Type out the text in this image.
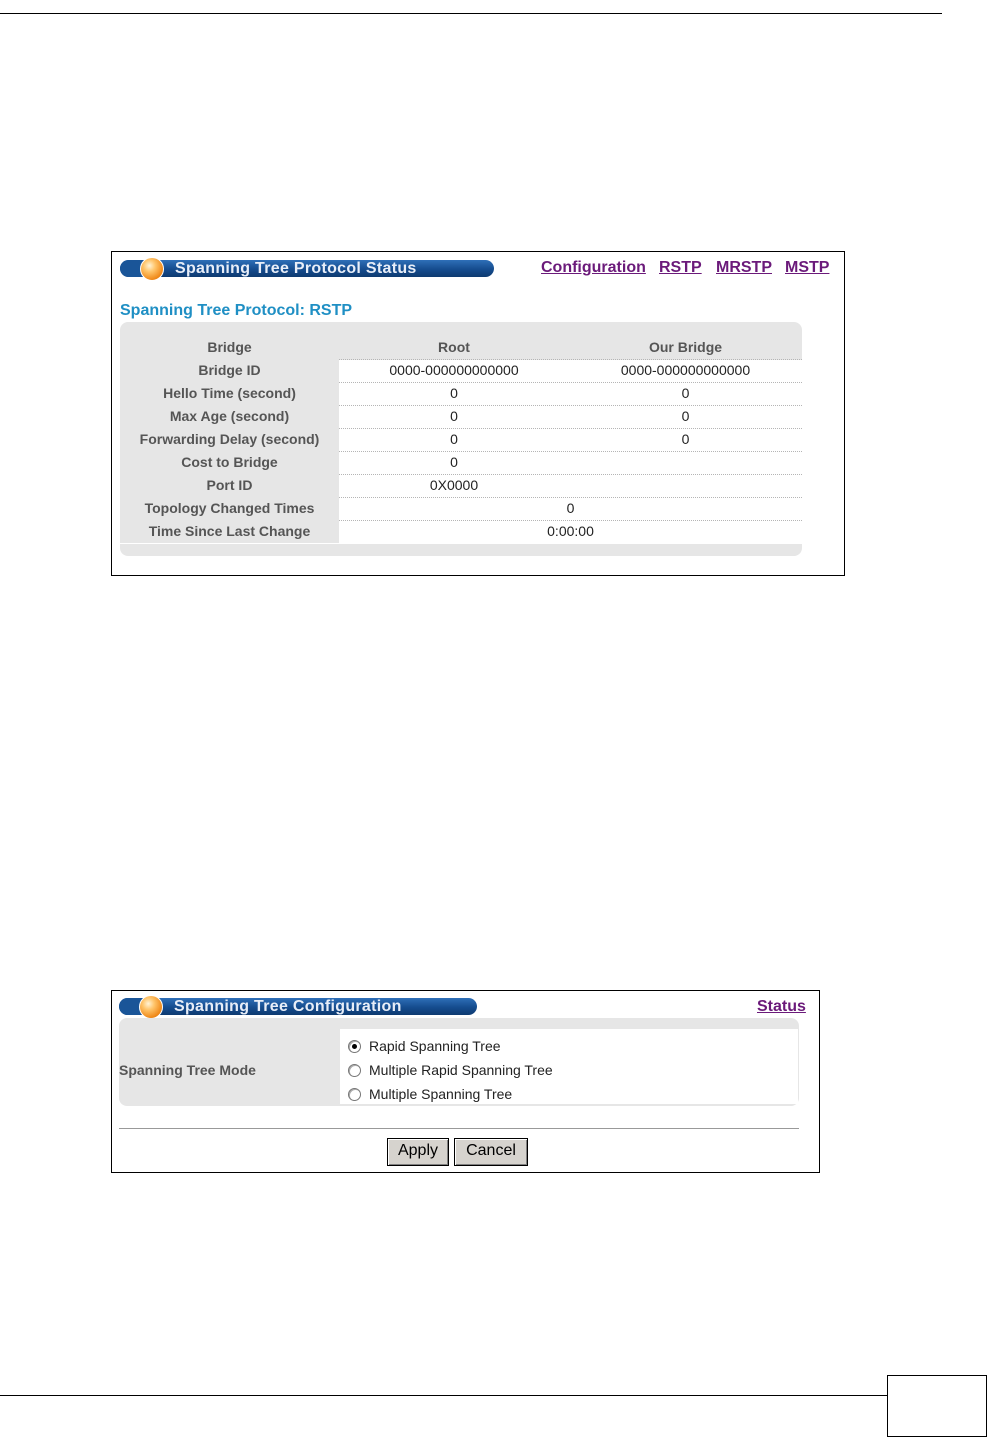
Spanning Tree Protocol Status	Configuration RSTP MRSTP MSTP
Spanning Tree Protocol: RSTP
Bridge	Root	Our Bridge
Bridge ID	0000-000000000000	0000-000000000000
Hello Time (second)	0	0
Max Age (second)	0	0
Forwarding Delay (second)	0	0
Cost to Bridge	0
Port ID	0X0000
Topology Changed Times	0
Time Since Last Change	0:00:00
Spanning Tree Configuration	Status
Spanning Tree Mode
Rapid Spanning Tree
Multiple Rapid Spanning Tree
Multiple Spanning Tree
Apply	Cancel
